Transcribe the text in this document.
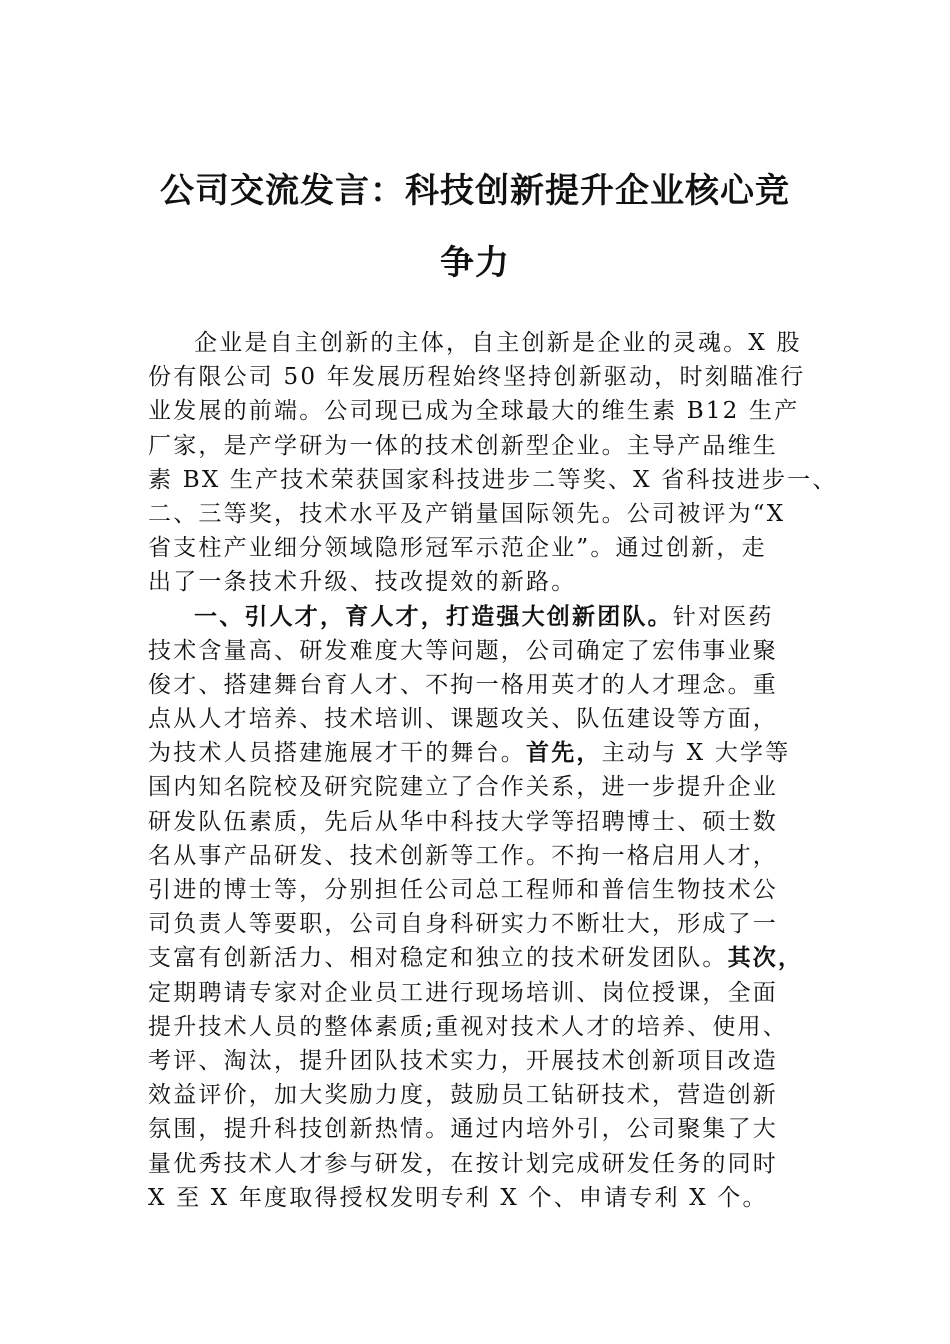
公司交流发言：科技创新提升企业核心竞
争力
企业是自主创新的主体，自主创新是企业的灵魂。X 股
份有限公司 50 年发展历程始终坚持创新驱动，时刻瞄准行
业发展的前端。公司现已成为全球最大的维生素 B12 生产
厂家，是产学研为一体的技术创新型企业。主导产品维生
素 BX 生产技术荣获国家科技进步二等奖、X 省科技进步一、
二、三等奖，技术水平及产销量国际领先。公司被评为“X
省支柱产业细分领域隐形冠军示范企业”。通过创新，走
出了一条技术升级、技改提效的新路。
一、引人才，育人才，打造强大创新团队。针对医药
技术含量高、研发难度大等问题，公司确定了宏伟事业聚
俊才、搭建舞台育人才、不拘一格用英才的人才理念。重
点从人才培养、技术培训、课题攻关、队伍建设等方面，
为技术人员搭建施展才干的舞台。首先，主动与 X 大学等
国内知名院校及研究院建立了合作关系，进一步提升企业
研发队伍素质，先后从华中科技大学等招聘博士、硕士数
名从事产品研发、技术创新等工作。不拘一格启用人才，
引进的博士等，分别担任公司总工程师和普信生物技术公
司负责人等要职，公司自身科研实力不断壮大，形成了一
支富有创新活力、相对稳定和独立的技术研发团队。其次，
定期聘请专家对企业员工进行现场培训、岗位授课，全面
提升技术人员的整体素质;重视对技术人才的培养、使用、
考评、淘汰，提升团队技术实力，开展技术创新项目改造
效益评价，加大奖励力度，鼓励员工钻研技术，营造创新
氛围，提升科技创新热情。通过内培外引，公司聚集了大
量优秀技术人才参与研发，在按计划完成研发任务的同时
X 至 X 年度取得授权发明专利 X 个、申请专利 X 个。
